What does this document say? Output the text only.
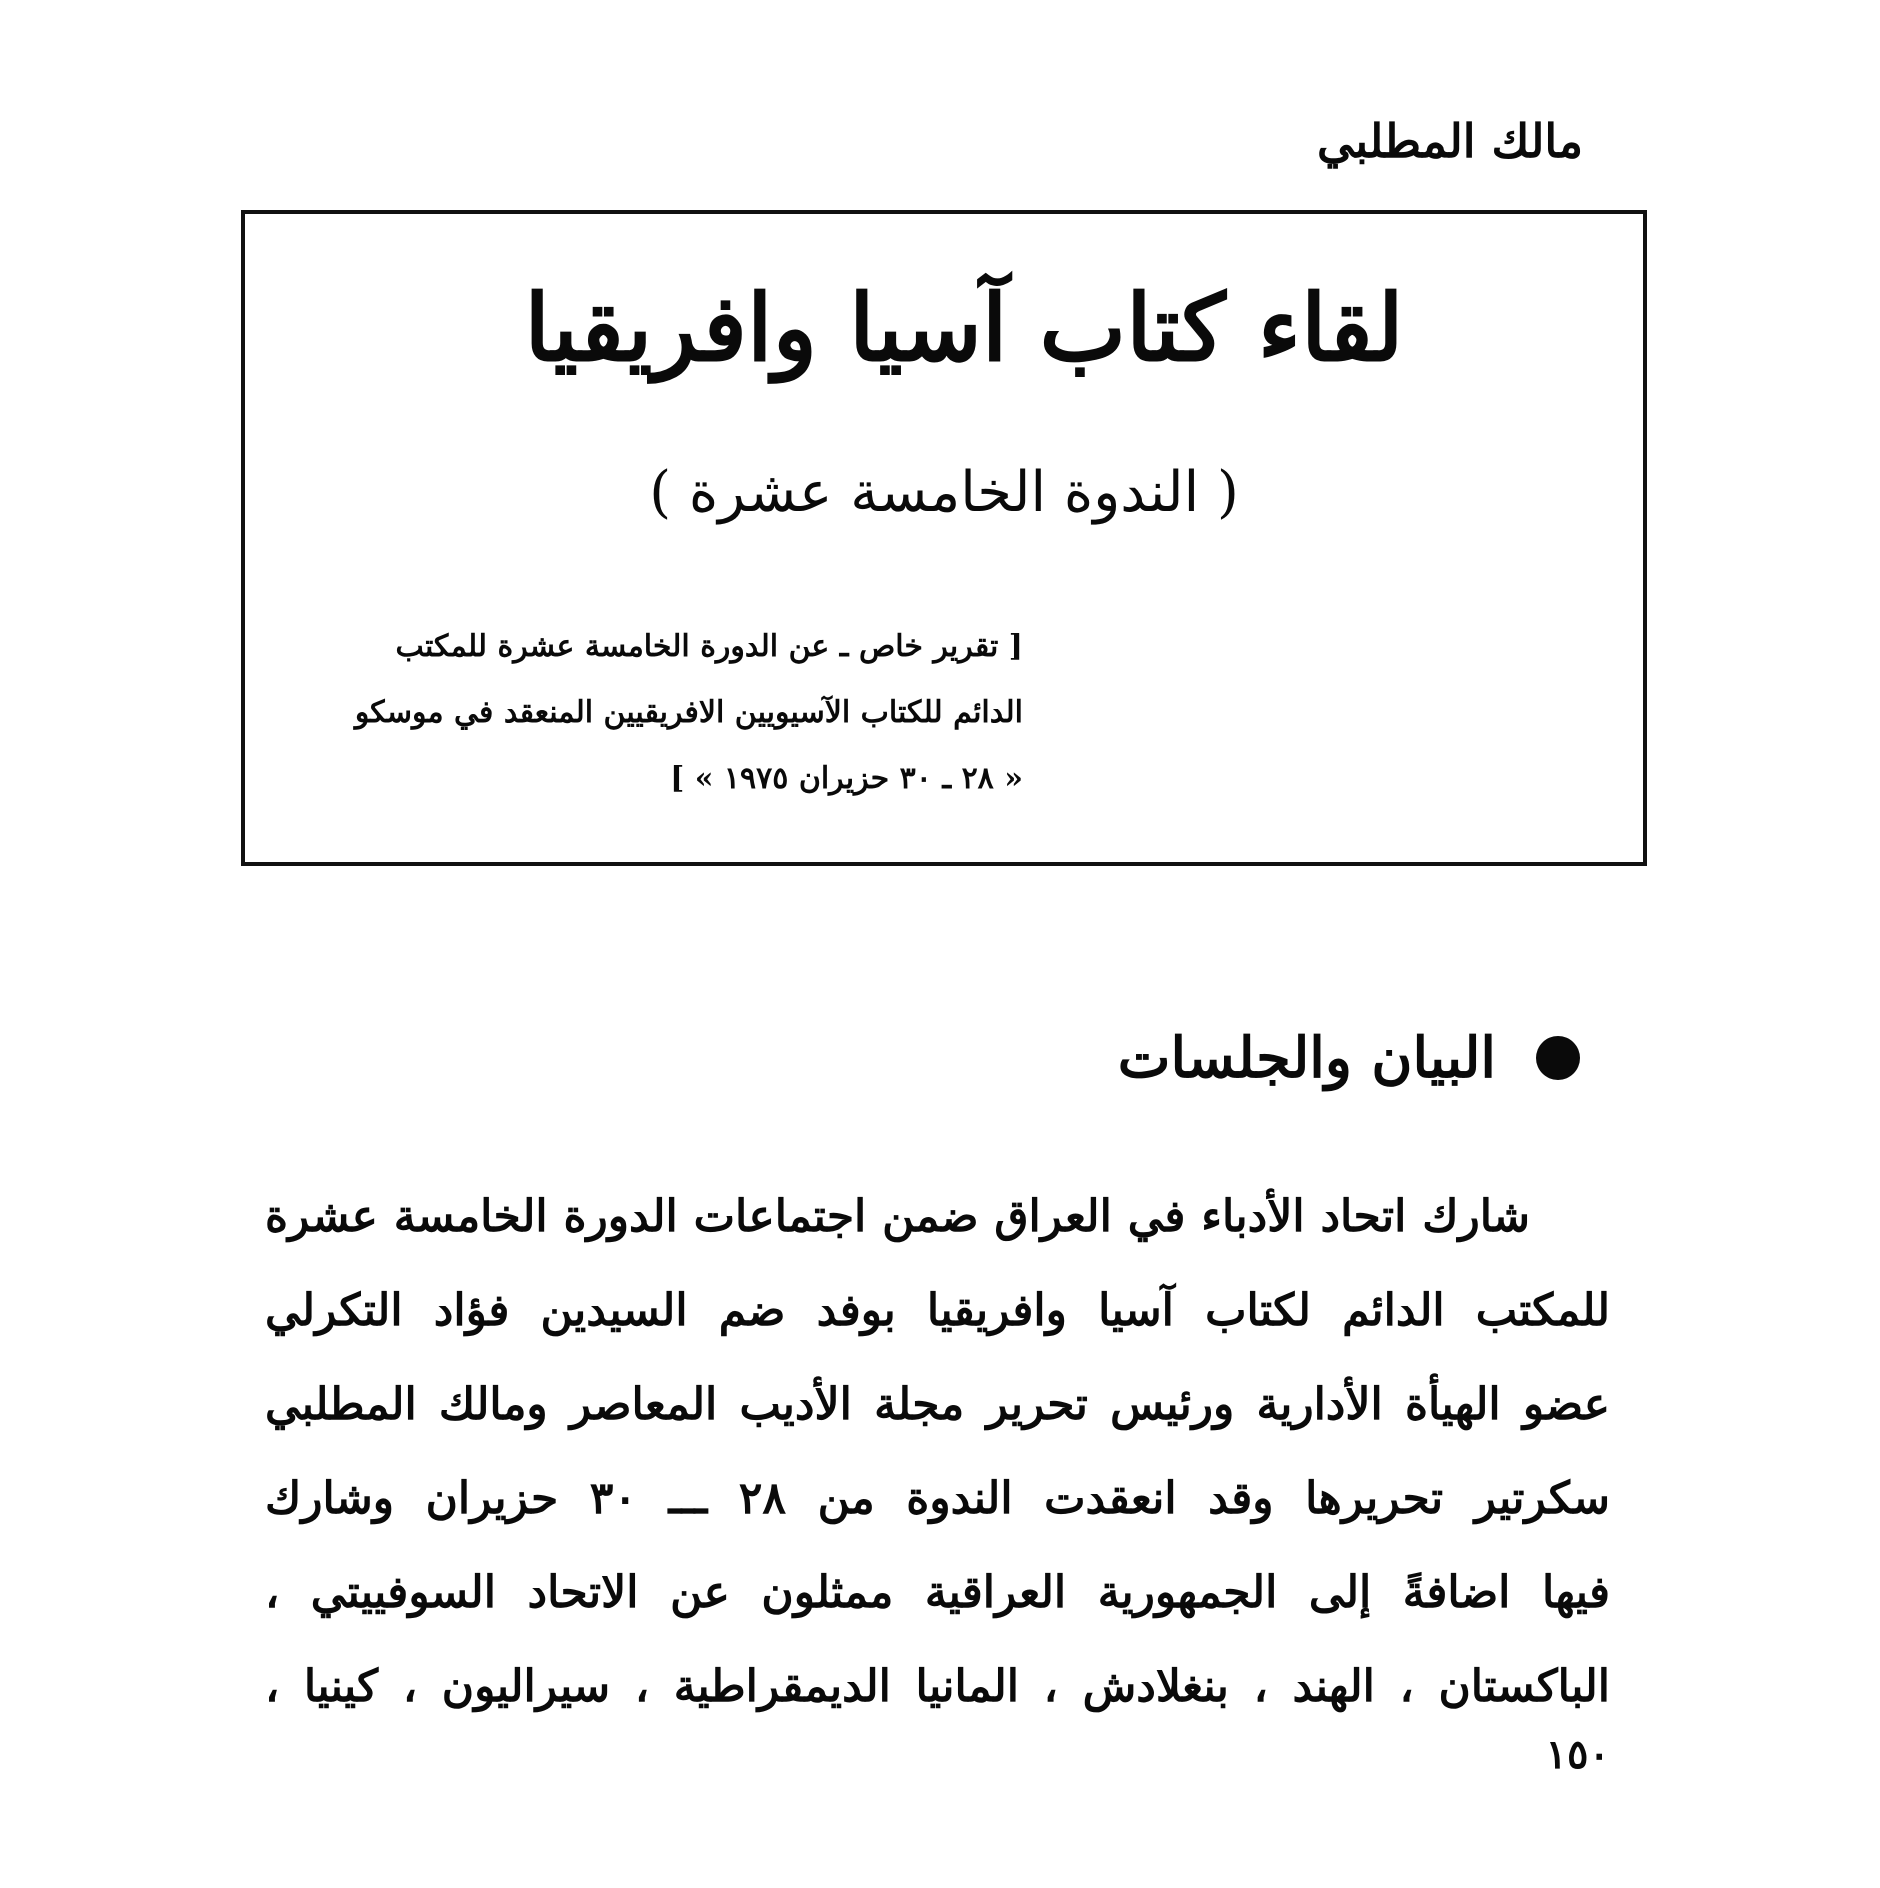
مالك المطلبي
لقاء كتاب آسيا وافريقيا
( الندوة الخامسة عشرة )
[ تقرير خاص ـ عن الدورة الخامسة عشرة للمكتب
الدائم للكتاب الآسيويين الافريقيين المنعقد في موسكو
« ٢٨ ـ ٣٠ حزيران ١٩٧٥ » ]
البيان والجلسات
شارك اتحاد الأدباء في العراق ضمن اجتماعات الدورة الخامسة عشرة
للمكتب الدائم لكتاب آسيا وافريقيا بوفد ضم السيدين فؤاد التكرلي
عضو الهيأة الأدارية ورئيس تحرير مجلة الأديب المعاصر ومالك المطلبي
سكرتير تحريرها وقد انعقدت الندوة من ٢٨ ـــ ٣٠ حزيران وشارك
فيها اضافةً إلى الجمهورية العراقية ممثلون عن الاتحاد السوفييتي ،
الباكستان ، الهند ، بنغلادش ، المانيا الديمقراطية ، سيراليون ، كينيا ،
١٥٠
